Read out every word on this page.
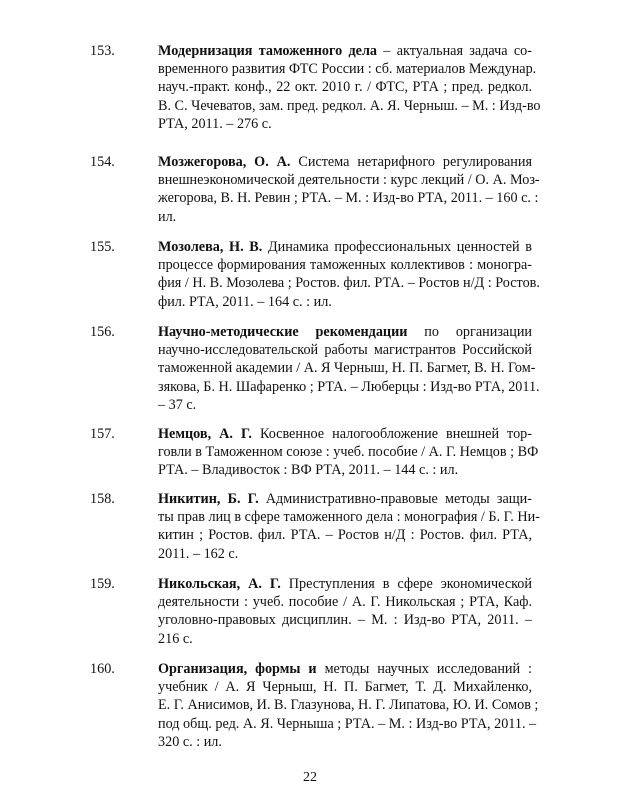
153.	Модернизация таможенного дела – актуальная задача со-
временного развития ФТС России : сб. материалов Междунар.
науч.-практ. конф., 22 окт. 2010 г. / ФТС, РТА ; пред. редкол.
В. С. Чечеватов, зам. пред. редкол. А. Я. Черныш. – М. : Изд-во
РТА, 2011. – 276 с.
154.	Мозжегорова, О. А. Система нетарифного регулирования
внешнеэкономической деятельности : курс лекций / О. А. Моз-
жегорова, В. Н. Ревин ; РТА. – М. : Изд-во РТА, 2011. – 160 с. :
ил.
155.	Мозолева, Н. В. Динамика профессиональных ценностей в
процессе формирования таможенных коллективов : моногра-
фия / Н. В. Мозолева ; Ростов. фил. РТА. – Ростов н/Д : Ростов.
фил. РТА, 2011. – 164 с. : ил.
156.	Научно-методические рекомендации по организации
научно-исследовательской работы магистрантов Российской
таможенной академии / А. Я Черныш, Н. П. Багмет, В. Н. Гом-
зякова, Б. Н. Шафаренко ; РТА. – Люберцы : Изд-во РТА, 2011.
– 37 с.
157.	Немцов, А. Г. Косвенное налогообложение внешней тор-
говли в Таможенном союзе : учеб. пособие / А. Г. Немцов ; ВФ
РТА. – Владивосток : ВФ РТА, 2011. – 144 с. : ил.
158.	Никитин, Б. Г. Административно-правовые методы защи-
ты прав лиц в сфере таможенного дела : монография / Б. Г. Ни-
китин ; Ростов. фил. РТА. – Ростов н/Д : Ростов. фил. РТА,
2011. – 162 с.
159.	Никольская, А. Г. Преступления в сфере экономической
деятельности : учеб. пособие / А. Г. Никольская ; РТА, Каф.
уголовно-правовых дисциплин. – М. : Изд-во РТА, 2011. –
216 с.
160.	Организация, формы и методы научных исследований :
учебник / А. Я Черныш, Н. П. Багмет, Т. Д. Михайленко,
Е. Г. Анисимов, И. В. Глазунова, Н. Г. Липатова, Ю. И. Сомов ;
под общ. ред. А. Я. Черныша ; РТА. – М. : Изд-во РТА, 2011. –
320 с. : ил.
22
